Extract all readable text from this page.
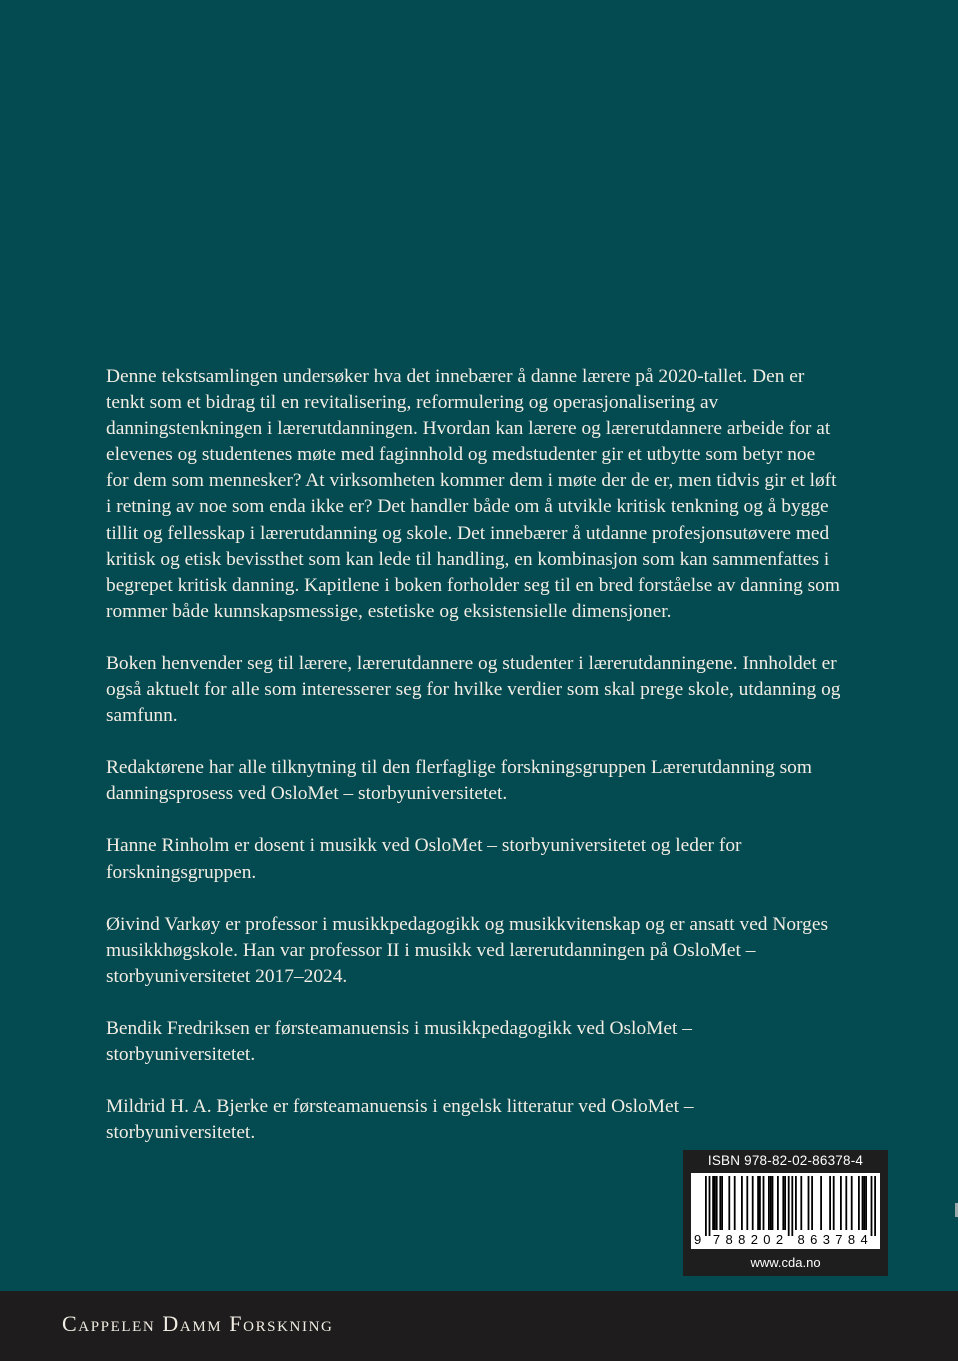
Denne tekstsamlingen undersøker hva det innebærer å danne lærere på 2020-tallet. Den er tenkt som et bidrag til en revitalisering, reformulering og operasjonalisering av danningstenkningen i lærerutdanningen. Hvordan kan lærere og lærerutdannere arbeide for at elevenes og studentenes møte med faginnhold og medstudenter gir et utbytte som betyr noe for dem som mennesker? At virksomheten kommer dem i møte der de er, men tidvis gir et løft i retning av noe som enda ikke er? Det handler både om å utvikle kritisk tenkning og å bygge tillit og fellesskap i lærerutdanning og skole. Det innebærer å utdanne profesjonsutøvere med kritisk og etisk bevissthet som kan lede til handling, en kombinasjon som kan sammenfattes i begrepet kritisk danning. Kapitlene i boken forholder seg til en bred forståelse av danning som rommer både kunnskapsmessige, estetiske og eksistensielle dimensjoner.

Boken henvender seg til lærere, lærerutdannere og studenter i lærerutdanningene. Innholdet er også aktuelt for alle som interesserer seg for hvilke verdier som skal prege skole, utdanning og samfunn.

Redaktørene har alle tilknytning til den flerfaglige forskningsgruppen Lærerutdanning som danningsprosess ved OsloMet – storbyuniversitetet.

Hanne Rinholm er dosent i musikk ved OsloMet – storbyuniversitetet og leder for forskningsgruppen.

Øivind Varkøy er professor i musikkpedagogikk og musikkvitenskap og er ansatt ved Norges musikkhøgskole. Han var professor II i musikk ved lærerutdanningen på OsloMet – storbyuniversitetet 2017–2024.

Bendik Fredriksen er førsteamanuensis i musikkpedagogikk ved OsloMet – storbyuniversitetet.

Mildrid H. A. Bjerke er førsteamanuensis i engelsk litteratur ved OsloMet – storbyuniversitetet.

ISBN 978-82-02-86378-4
9 7 8 8 2 0 2 8 6 3 7 8 4
www.cda.no
Cappelen Damm Forskning
